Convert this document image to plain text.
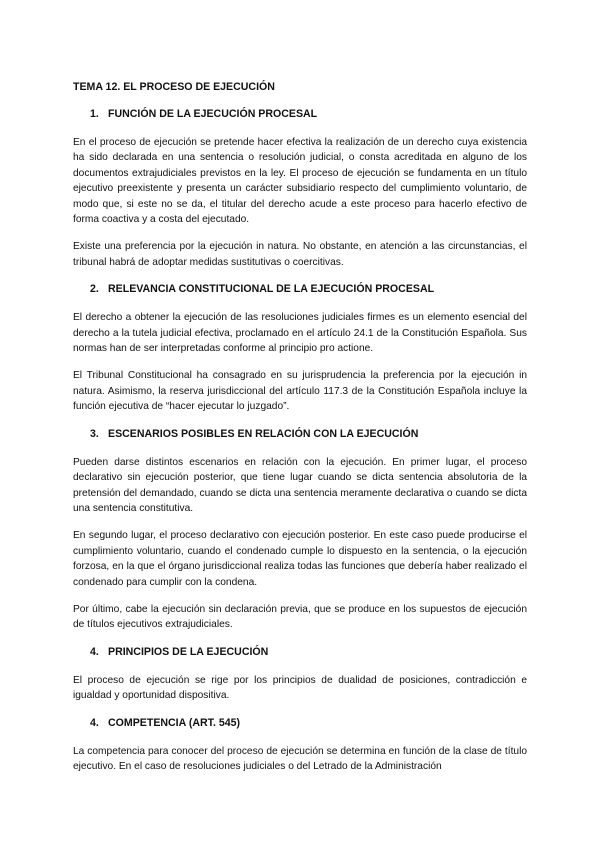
TEMA 12. EL PROCESO DE EJECUCIÓN
1. FUNCIÓN DE LA EJECUCIÓN PROCESAL

En el proceso de ejecución se pretende hacer efectiva la realización de un derecho cuya existencia ha sido declarada en una sentencia o resolución judicial, o consta acreditada en alguno de los documentos extrajudiciales previstos en la ley. El proceso de ejecución se fundamenta en un título ejecutivo preexistente y presenta un carácter subsidiario respecto del cumplimiento voluntario, de modo que, si este no se da, el titular del derecho acude a este proceso para hacerlo efectivo de forma coactiva y a costa del ejecutado.

Existe una preferencia por la ejecución in natura. No obstante, en atención a las circunstancias, el tribunal habrá de adoptar medidas sustitutivas o coercitivas.

2. RELEVANCIA CONSTITUCIONAL DE LA EJECUCIÓN PROCESAL

El derecho a obtener la ejecución de las resoluciones judiciales firmes es un elemento esencial del derecho a la tutela judicial efectiva, proclamado en el artículo 24.1 de la Constitución Española. Sus normas han de ser interpretadas conforme al principio pro actione.

El Tribunal Constitucional ha consagrado en su jurisprudencia la preferencia por la ejecución in natura. Asimismo, la reserva jurisdiccional del artículo 117.3 de la Constitución Española incluye la función ejecutiva de “hacer ejecutar lo juzgado”.

3. ESCENARIOS POSIBLES EN RELACIÓN CON LA EJECUCIÓN

Pueden darse distintos escenarios en relación con la ejecución. En primer lugar, el proceso declarativo sin ejecución posterior, que tiene lugar cuando se dicta sentencia absolutoria de la pretensión del demandado, cuando se dicta una sentencia meramente declarativa o cuando se dicta una sentencia constitutiva.

En segundo lugar, el proceso declarativo con ejecución posterior. En este caso puede producirse el cumplimiento voluntario, cuando el condenado cumple lo dispuesto en la sentencia, o la ejecución forzosa, en la que el órgano jurisdiccional realiza todas las funciones que debería haber realizado el condenado para cumplir con la condena.

Por último, cabe la ejecución sin declaración previa, que se produce en los supuestos de ejecución de títulos ejecutivos extrajudiciales.

4. PRINCIPIOS DE LA EJECUCIÓN

El proceso de ejecución se rige por los principios de dualidad de posiciones, contradicción e igualdad y oportunidad dispositiva.

4. COMPETENCIA (ART. 545)

La competencia para conocer del proceso de ejecución se determina en función de la clase de título ejecutivo. En el caso de resoluciones judiciales o del Letrado de la Administración
